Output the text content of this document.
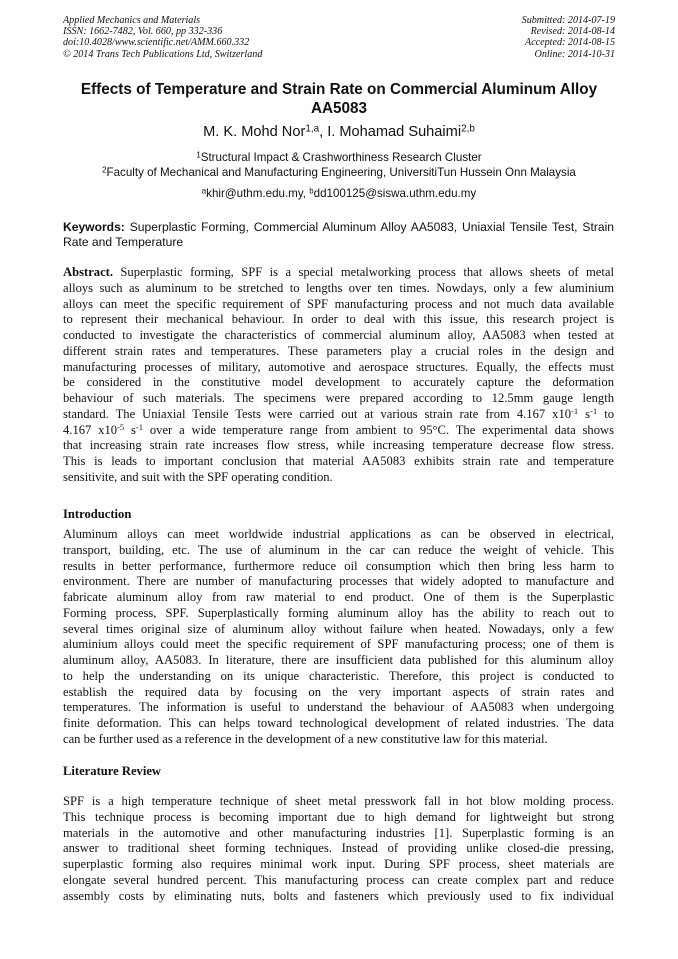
Applied Mechanics and Materials
ISSN: 1662-7482, Vol. 660, pp 332-336
doi:10.4028/www.scientific.net/AMM.660.332
© 2014 Trans Tech Publications Ltd, Switzerland
Submitted: 2014-07-19
Revised: 2014-08-14
Accepted: 2014-08-15
Online: 2014-10-31
Effects of Temperature and Strain Rate on Commercial Aluminum Alloy
AA5083
M. K. Mohd Nor$^{1,a}$, I. Mohamad Suhaimi$^{2,b}$
$^1$Structural Impact & Crashworthiness Research Cluster
$^2$Faculty of Mechanical and Manufacturing Engineering, UniversitiTun Hussein Onn Malaysia
$^a$khir@uthm.edu.my, $^b$dd100125@siswa.uthm.edu.my
Keywords: Superplastic Forming, Commercial Aluminum Alloy AA5083, Uniaxial Tensile Test, Strain Rate and Temperature
Abstract. Superplastic forming, SPF is a special metalworking process that allows sheets of metal
alloys such as aluminum to be stretched to lengths over ten times. Nowdays, only a few aluminium
alloys can meet the specific requirement of SPF manufacturing process and not much data available
to represent their mechanical behaviour. In order to deal with this issue, this research project is
conducted to investigate the characteristics of commercial aluminum alloy, AA5083 when tested at
different strain rates and temperatures. These parameters play a crucial roles in the design and
manufacturing processes of military, automotive and aerospace structures. Equally, the effects must
be considered in the constitutive model development to accurately capture the deformation
behaviour of such materials. The specimens were prepared according to 12.5mm gauge length
standard. The Uniaxial Tensile Tests were carried out at various strain rate from 4.167 $x10^{-1}$ $s^{-1}$ to
4.167 $x10^{-5}$ $s^{-1}$ over a wide temperature range from ambient to 95°C. The experimental data shows
that increasing strain rate increases flow stress, while increasing temperature decrease flow stress.
This is leads to important conclusion that material AA5083 exhibits strain rate and temperature
sensitivite, and suit with the SPF operating condition.
Introduction
Aluminum alloys can meet worldwide industrial applications as can be observed in electrical,
transport, building, etc. The use of aluminum in the car can reduce the weight of vehicle. This
results in better performance, furthermore reduce oil consumption which then bring less harm to
environment. There are number of manufacturing processes that widely adopted to manufacture and
fabricate aluminum alloy from raw material to end product. One of them is the Superplastic
Forming process, SPF. Superplastically forming aluminum alloy has the ability to reach out to
several times original size of aluminum alloy without failure when heated. Nowadays, only a few
aluminium alloys could meet the specific requirement of SPF manufacturing process; one of them is
aluminum alloy, AA5083. In literature, there are insufficient data published for this aluminum alloy
to help the understanding on its unique characteristic. Therefore, this project is conducted to
establish the required data by focusing on the very important aspects of strain rates and
temperatures. The information is useful to understand the behaviour of AA5083 when undergoing
finite deformation. This can helps toward technological development of related industries. The data
can be further used as a reference in the development of a new constitutive law for this material.
Literature Review
SPF is a high temperature technique of sheet metal presswork fall in hot blow molding process.
This technique process is becoming important due to high demand for lightweight but strong
materials in the automotive and other manufacturing industries [1]. Superplastic forming is an
answer to traditional sheet forming techniques. Instead of providing unlike closed-die pressing,
superplastic forming also requires minimal work input. During SPF process, sheet materials are
elongate several hundred percent. This manufacturing process can create complex part and reduce
assembly costs by eliminating nuts, bolts and fasteners which previously used to fix individual
